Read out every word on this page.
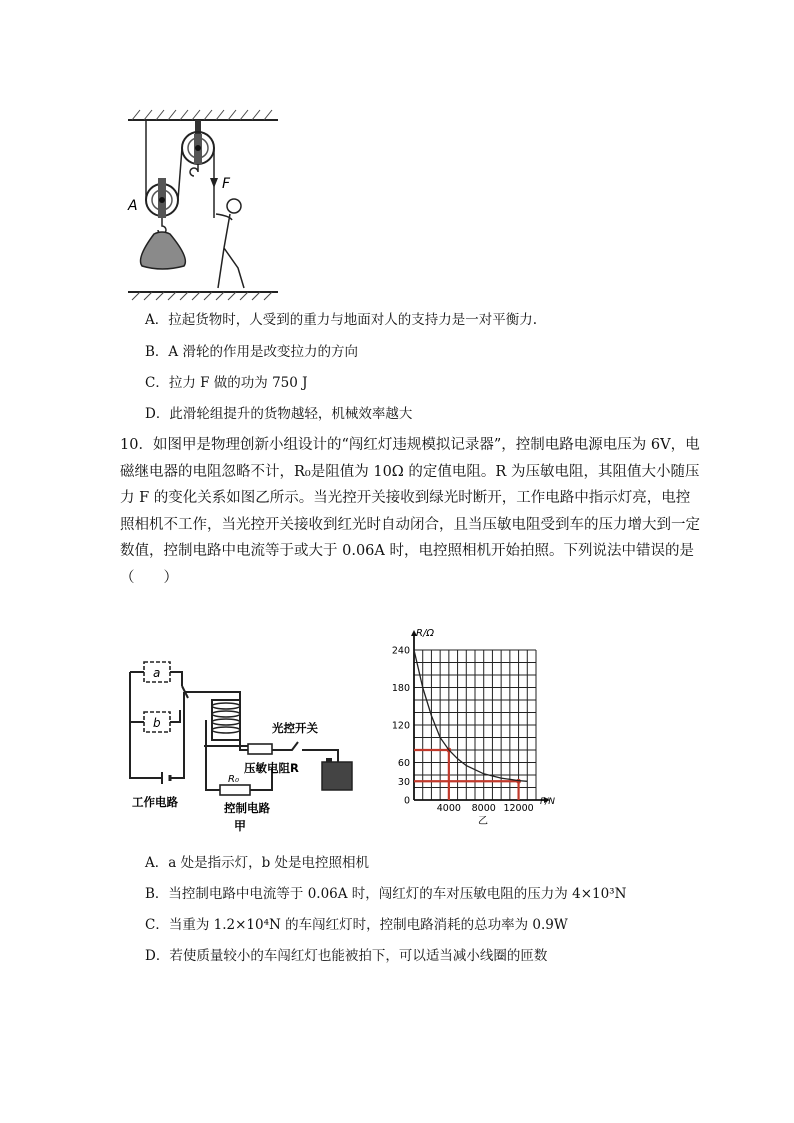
A
F
A．拉起货物时，人受到的重力与地面对人的支持力是一对平衡力.
B．A 滑轮的作用是改变拉力的方向
C．拉力 F 做的功为 750 J
D．此滑轮组提升的货物越轻，机械效率越大

10．如图甲是物理创新小组设计的“闯红灯违规模拟记录器”，控制电路电源电压为 6V，电

磁继电器的电阻忽略不计，R₀是阻值为 10Ω 的定值电阻。R 为压敏电阻，其阻值大小随压

力 F 的变化关系如图乙所示。当光控开关接收到绿光时断开，工作电路中指示灯亮，电控

照相机不工作，当光控开关接收到红光时自动闭合，且当压敏电阻受到车的压力增大到一定

数值，控制电路中电流等于或大于 0.06A 时，电控照相机开始拍照。下列说法中错误的是

（　　）

a
b	光控开关
压敏电阻R
R₀
工作电路	控制电路
甲
0
30
60
120
180
240
4000 8000 12000
R/Ω
F/N
乙
A．a 处是指示灯，b 处是电控照相机
B．当控制电路中电流等于 0.06A 时，闯红灯的车对压敏电阻的压力为 4×10³N
C．当重为 1.2×10⁴N 的车闯红灯时，控制电路消耗的总功率为 0.9W
D．若使质量较小的车闯红灯也能被拍下，可以适当减小线圈的匝数
